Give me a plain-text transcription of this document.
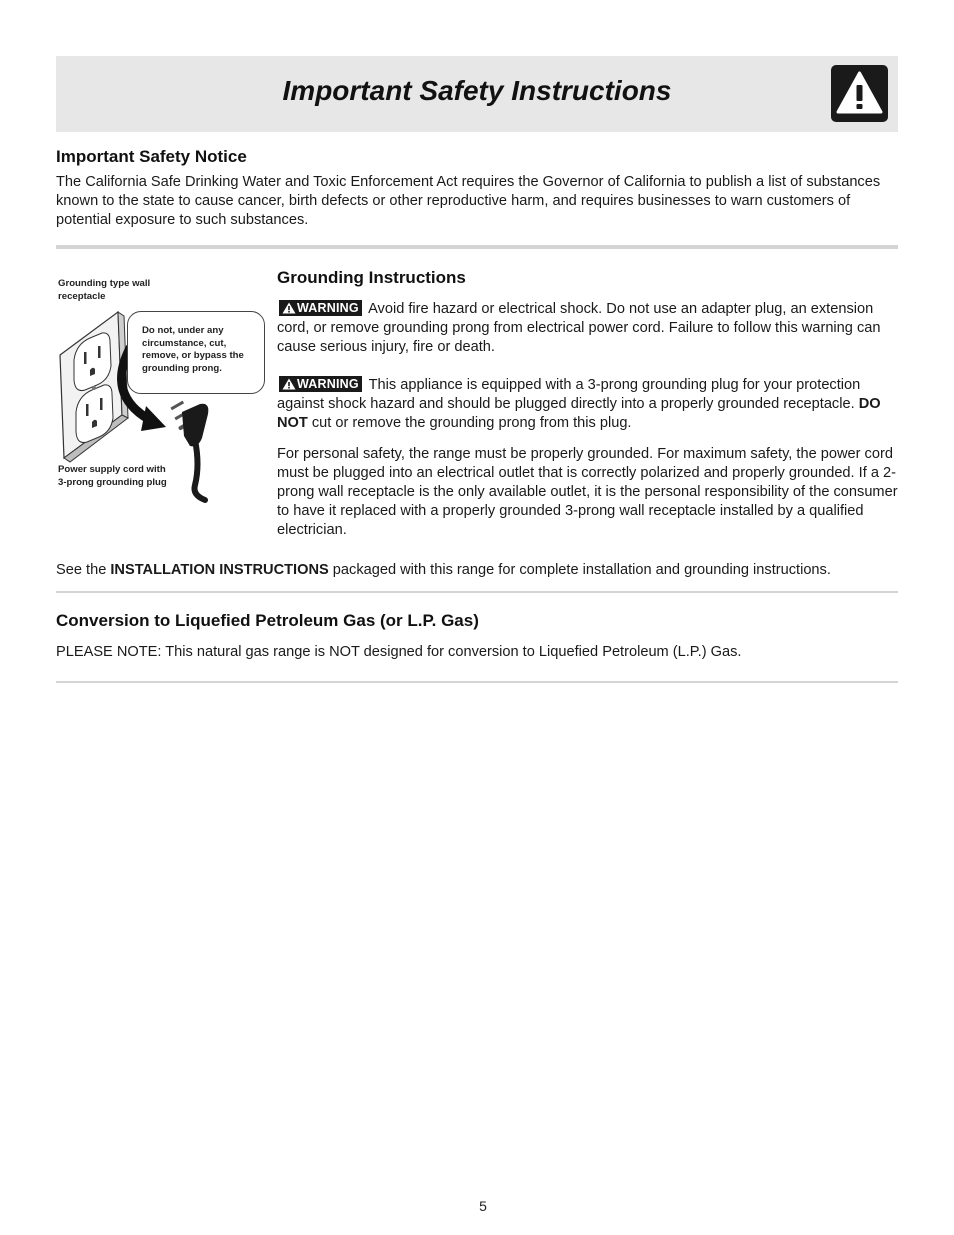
Important Safety Instructions
Important Safety Notice

The California Safe Drinking Water and Toxic Enforcement Act requires the Governor of California to publish a list of substances known to the state to cause cancer, birth defects or other reproductive harm, and requires businesses to warn customers of potential exposure to such substances.

Grounding type wall receptacle

Do not, under any circumstance, cut, remove, or bypass the grounding prong.

Power supply cord with 3-prong grounding plug

Grounding Instructions

WARNING Avoid fire hazard or electrical shock. Do not use an adapter plug, an extension cord, or remove grounding prong from electrical power cord. Failure to follow this warning can cause serious injury, fire or death.

WARNING This appliance is equipped with a 3-prong grounding plug for your protection against shock hazard and should be plugged directly into a properly grounded receptacle. DO NOT cut or remove the grounding prong from this plug.

For personal safety, the range must be properly grounded. For maximum safety, the power cord must be plugged into an electrical outlet that is correctly polarized and properly grounded. If a 2-prong wall receptacle is the only available outlet, it is the personal responsibility of the consumer to have it replaced with a properly grounded 3-prong wall receptacle installed by a qualified electrician.

See the INSTALLATION INSTRUCTIONS packaged with this range for complete installation and grounding instructions.

Conversion to Liquefied Petroleum Gas (or L.P. Gas)

PLEASE NOTE: This natural gas range is NOT designed for conversion to Liquefied Petroleum (L.P.) Gas.

5
